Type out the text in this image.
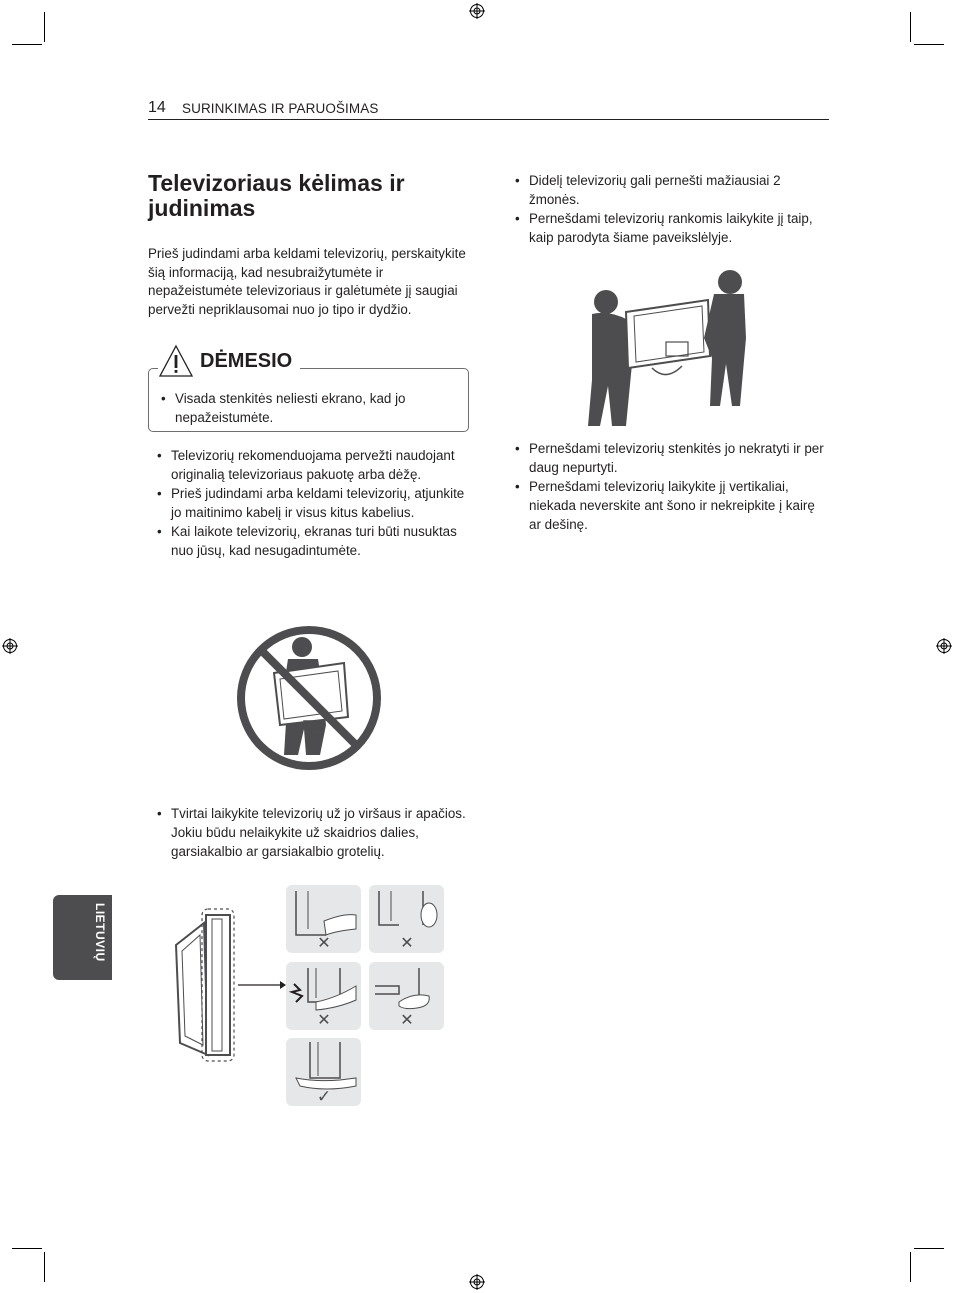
14 SURINKIMAS IR PARUOŠIMAS
Televizoriaus kėlimas ir judinimas
Prieš judindami arba keldami televizorių, perskaitykite šią informaciją, kad nesubraižytumėte ir nepažeistumėte televizoriaus ir galėtumėte jį saugiai pervežti nepriklausomai nuo jo tipo ir dydžio.
DĖMESIO
• Visada stenkitės neliesti ekrano, kad jo nepažeistumėte.
• Televizorių rekomenduojama pervežti naudojant originalią televizoriaus pakuotę arba dėžę.
• Prieš judindami arba keldami televizorių, atjunkite jo maitinimo kabelį ir visus kitus kabelius.
• Kai laikote televizorių, ekranas turi būti nusuktas nuo jūsų, kad nesugadintumėte.
• Tvirtai laikykite televizorių už jo viršaus ir apačios. Jokiu būdu nelaikykite už skaidrios dalies, garsiakalbio ar garsiakalbio grotelių.
✕	✕
✕	✕
✓
LIETUVIŲ
• Didelį televizorių gali pernešti mažiausiai 2 žmonės.
• Pernešdami televizorių rankomis laikykite jį taip, kaip parodyta šiame paveikslėlyje.
• Pernešdami televizorių stenkitės jo nekratyti ir per daug nepurtyti.
• Pernešdami televizorių laikykite jį vertikaliai, niekada neverskite ant šono ir nekreipkite į kairę ar dešinę.
